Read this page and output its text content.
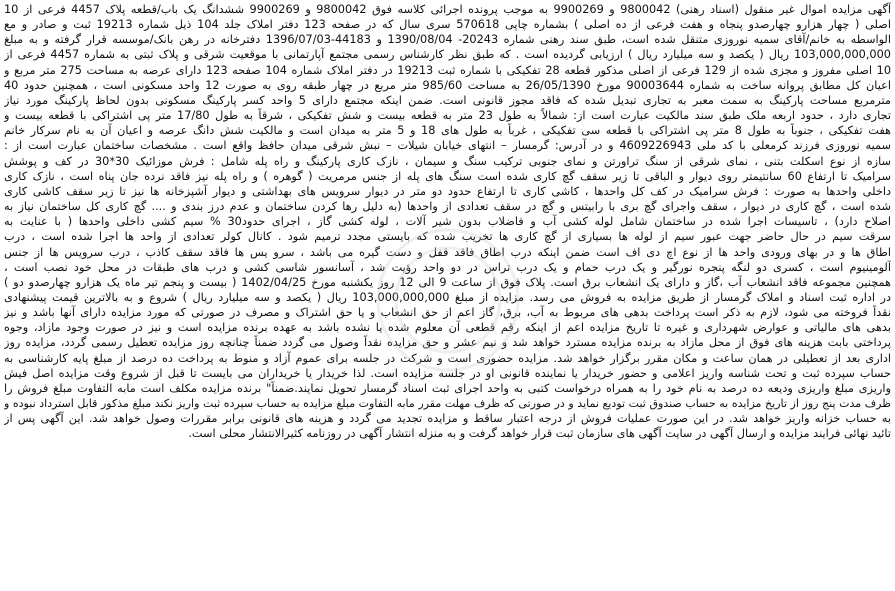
آگهی مزایده اموال غیر منقول (اسناد رهنی) 9800042 و 9900269 به موجب پرونده اجرائی کلاسه فوق 9800042 و 9900269 ششدانگ یک باب/قطعه پلاک 4457 فرعی از 10
اصلی ( چهار هزارو چهارصدو پنجاه و هفت فرعی از ده اصلی ) بشماره چاپی 570618 سری سال که در صفحه 123 دفتر املاک جلد 104 ذیل شماره 19213 ثبت و صادر و مع
الواسطه به خانم/آقای سمیه نوروزی متنقل شده است، طبق سند رهنی شماره 20243- 1390/08/04 و 44183-1396/07/03 دفترخانه در رهن بانک/موسسه قرار گرفته و به مبلغ
103,000,000,000 ریال ( یکصد و سه میلیارد ریال ) ارزیابی گردیده است . که طبق نظر کارشناس رسمی مجتمع آپارتمانی با موقعیت شرقی و پلاک ثبتی به شماره 4457 فرعی از
10 اصلی مفروز و مجزی شده از 129 فرعی از اصلی مذکور قطعه 28 تفکیکی با شماره ثبت 19213 در دفتر املاک شماره 104 صفحه 123 دارای عرصه به مساحت 275 متر مربع و
اعیان کل مطابق پروانه ساخت به شماره 90003644 مورخ 26/05/1390 به مساحت 985/60 متر مربع در چهار طبقه روی به صورت 12 واحد مسکونی است ، همچنین حدود 40
مترمربع مساحت پارکینگ به سمت معبر به تجاری تبدیل شده که فاقد مجوز قانونی است. ضمن اینکه مجتمع دارای 5 واحد کسر پارکینگ مسکونی بدون لحاظ پارکینگ مورد نیاز
تجاری دارد ، حدود اربعه ملک طبق سند مالکیت عبارت است از: شمالاً به طول 23 متر به قطعه بیست و شش تفکیکی ، شرقاً به طول 17/80 متر پی اشتراکی با قطعه بیست و
هفت تفکیکی ، جنوباً به طول 8 متر پی اشتراکی با قطعه سی تفکیکی ، غرباً به طول های 18 و 5 متر به میدان است و مالکیت شش دانگ عرصه و اعیان آن به نام سرکار خانم
سمیه نوروزی فرزند کرمعلی با کد ملی 4609226943 و در آدرس: گرمسار – انتهای خیابان شیلات – نبش شرقی میدان حافظ واقع است . مشخصات ساختمان عبارت است از :
سازه از نوع اسکلت بتنی ، نمای شرقی از سنگ تراورتن و نمای جنوبی ترکیب سنگ و سیمان ، نازک کاری پارکینگ و راه پله شامل : فرش موزائیک 30*30 در کف و پوشش
سرامیک تا ارتفاع 60 سانتیمتر روی دیوار و الباقی تا زیر سقف گچ کاری شده است سنگ های پله از جنس مرمریت ( گوهره ) و راه پله نیز فاقد نرده جان پناه است ، نازک کاری
داخلی واحدها به صورت : فرش سرامیک در کف کل واحدها ، کاشی کاری تا ارتفاع حدود دو متر در دیوار سرویس های بهداشتی و دیوار آشپزخانه ها نیز تا زیر سقف کاشی کاری
شده است ، گچ کاری در دیوار ، سقف واجرای گچ بری با رابیتس و گچ در سقف تعدادی از واحدها (به دلیل رها کردن ساختمان و عدم درز بندی و .... گچ کاری کل ساختمان نیاز به
اصلاح دارد) ، تاسیسات اجرا شده در ساختمان شامل لوله کشی آب و فاضلاب بدون شیر آلات ، لوله کشی گاز ، اجرای حدود30 % سیم کشی داخلی واحدها ( با عنایت به
سرقت سیم در حال حاضر جهت عبور سیم از لوله ها بسیاری از گچ کاری ها تخریب شده که بایستی مجدد ترمیم شود . کانال کولر تعدادی از واحد ها اجرا شده است ، درب
اطاق ها و در بهای ورودی واحد ها از نوع اچ دی اف است ضمن اینکه درب اطاق فاقد قفل و دست گیره می باشد ، سرو یس ها فاقد سقف کاذب ، درب سرویس ها از جنس
آلومینیوم است ، کسری دو لنگه پنجره نورگیر و یک درب حمام و یک درب تراس در دو واحد رؤیت شد ، آسانسور شاسی کشی و درب های طبقات در محل خود نصب است ،
همچنین مجموعه فاقد انشعاب آب ،گاز و دارای یک انشعاب برق است. پلاک فوق از ساعت 9 الی 12 روز یکشنبه مورخ 1402/04/25 ( بیست و پنجم تیر ماه یک هزارو چهارصدو دو )
در اداره ثبت اسناد و املاک گرمسار از طریق مزایده به فروش می رسد. مزایده از مبلغ 103,000,000,000 ریال ( یکصد و سه میلیارد ریال ) شروع و به بالاترین قیمت پیشنهادی
نقداً فروخته می شود، لازم به ذکر است پرداخت بدهی های مربوط به آب، برق، گاز اعم از حق انشعاب و یا حق اشتراک و مصرف در صورتی که مورد مزایده دارای آنها باشد و نیز
بدهی های مالیاتی و عوارض شهرداری و غیره تا تاریخ مزایده اعم از اینکه رقم قطعی آن معلوم شده یا نشده باشد به عهده برنده مزایده است و نیز در صورت وجود مازاد، وجوه
پرداختی بابت هزینه های فوق از محل مازاد به برنده مزایده مسترد خواهد شد و نیم عشر و حق مزایده نقداً وصول می گردد ضمناً چنانچه روز مزایده تعطیل رسمی گردد، مزایده روز
اداری بعد از تعطیلی در همان ساعت و مکان مقرر برگزار خواهد شد. مزایده حضوری است و شرکت در جلسه برای عموم آزاد و منوط به پرداخت ده درصد از مبلغ پایه کارشناسی به
حساب سپرده ثبت و تحت شناسه واریز اعلامی و حضور خریدار یا نماینده قانونی او در جلسه مزایده است. لذا خریدار یا خریداران می بایست تا قبل از شروع وقت مزایده اصل فیش
واریزی مبلغ واریزی ودیعه ده درصد به نام خود را به همراه درخواست کتبی به واحد اجرای ثبت اسناد گرمسار تحویل نمایند.ضمناً" برنده مزایده مکلف است مابه التفاوت مبلغ فروش را
ظرف مدت پنج روز از تاریخ مزایده به حساب صندوق ثبت تودیع نماید و در صورتی که ظرف مهلت مقرر مابه التفاوت مبلغ مزایده به حساب سپرده ثبت واریز نکند مبلغ مذکور قابل استرداد نبوده و
به حساب خزانه واریز خواهد شد. در این صورت عملیات فروش از درجه اعتبار ساقط و مزایده تجدید می گردد و هزینه های قانونی برابر مقررات وصول خواهد شد. این آگهی پس از
تائید نهائی فرایند مزایده و ارسال آگهی در سایت آگهی های سازمان ثبت قرار خواهد گرفت و به منزله انتشار آگهی در روزنامه کثیرالانتشار محلی است.
